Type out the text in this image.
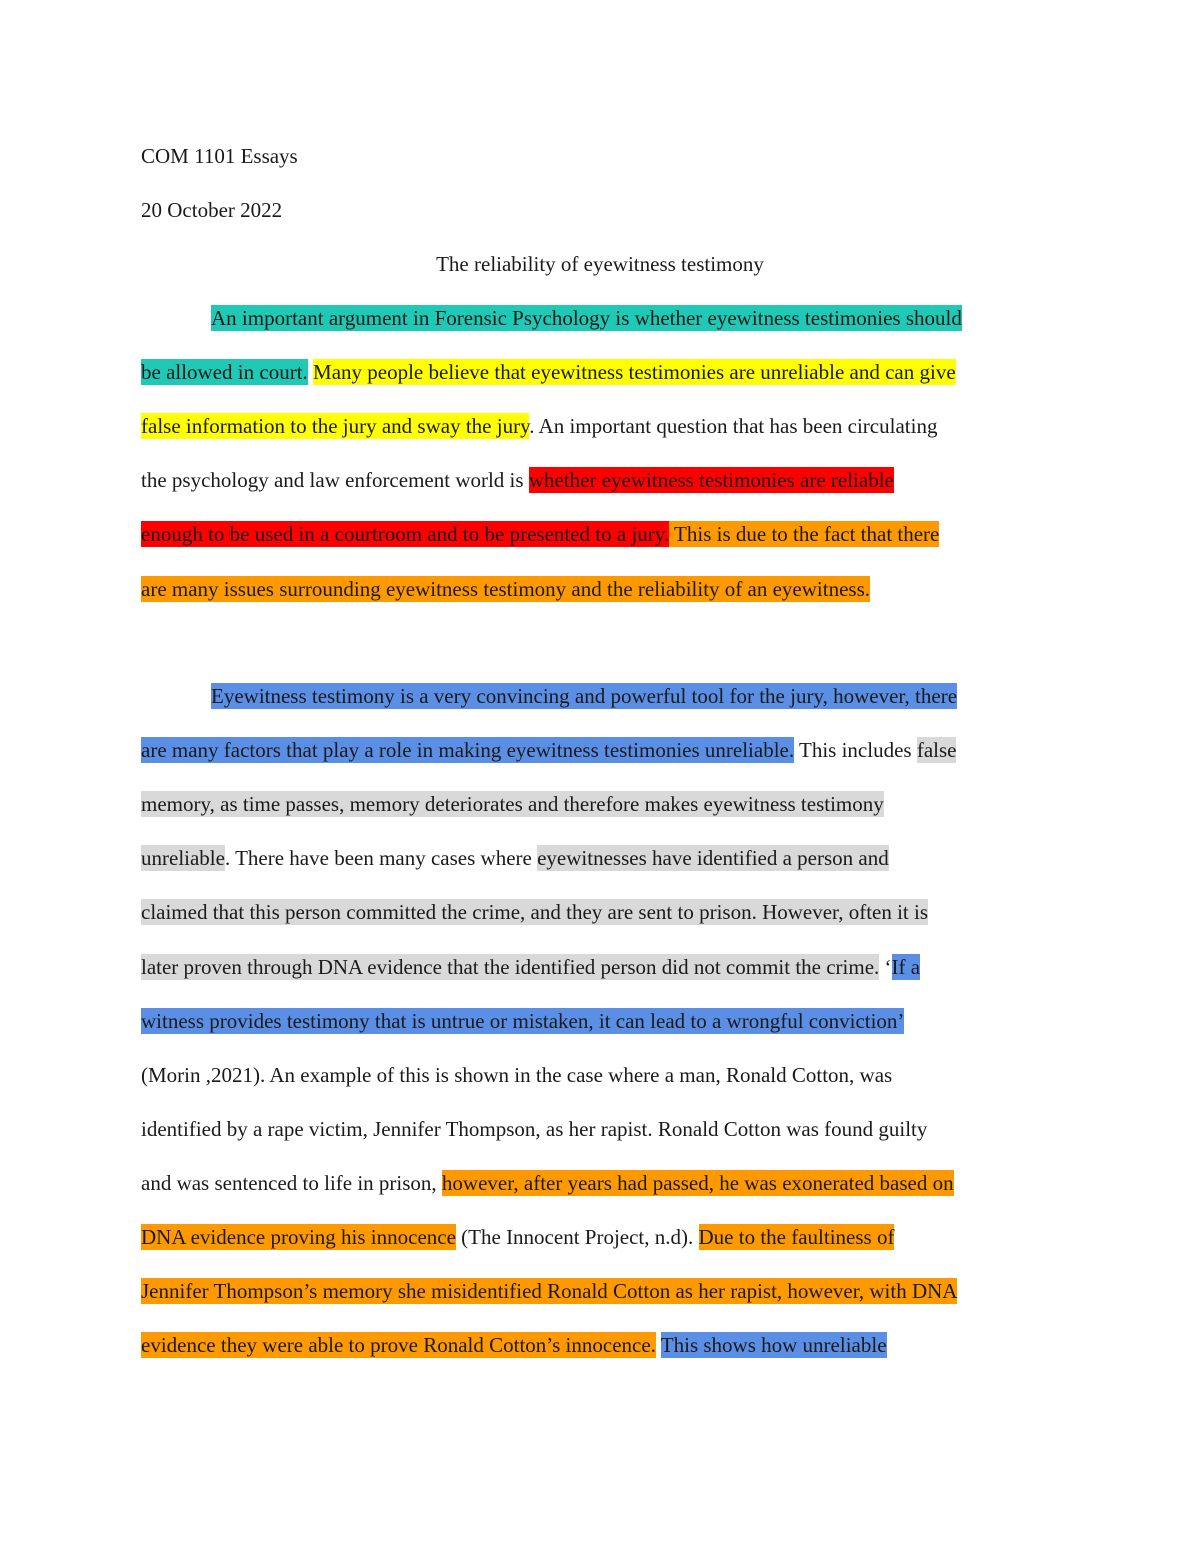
COM 1101 Essays
20 October 2022
The reliability of eyewitness testimony
An important argument in Forensic Psychology is whether eyewitness testimonies should
be allowed in court. Many people believe that eyewitness testimonies are unreliable and can give
false information to the jury and sway the jury. An important question that has been circulating
the psychology and law enforcement world is whether eyewitness testimonies are reliable
enough to be used in a courtroom and to be presented to a jury. This is due to the fact that there
are many issues surrounding eyewitness testimony and the reliability of an eyewitness.
Eyewitness testimony is a very convincing and powerful tool for the jury, however, there
are many factors that play a role in making eyewitness testimonies unreliable. This includes false
memory, as time passes, memory deteriorates and therefore makes eyewitness testimony
unreliable. There have been many cases where eyewitnesses have identified a person and
claimed that this person committed the crime, and they are sent to prison. However, often it is
later proven through DNA evidence that the identified person did not commit the crime. ‘If a
witness provides testimony that is untrue or mistaken, it can lead to a wrongful conviction’
(Morin ,2021). An example of this is shown in the case where a man, Ronald Cotton, was
identified by a rape victim, Jennifer Thompson, as her rapist. Ronald Cotton was found guilty
and was sentenced to life in prison, however, after years had passed, he was exonerated based on
DNA evidence proving his innocence (The Innocent Project, n.d). Due to the faultiness of
Jennifer Thompson’s memory she misidentified Ronald Cotton as her rapist, however, with DNA
evidence they were able to prove Ronald Cotton’s innocence. This shows how unreliable
